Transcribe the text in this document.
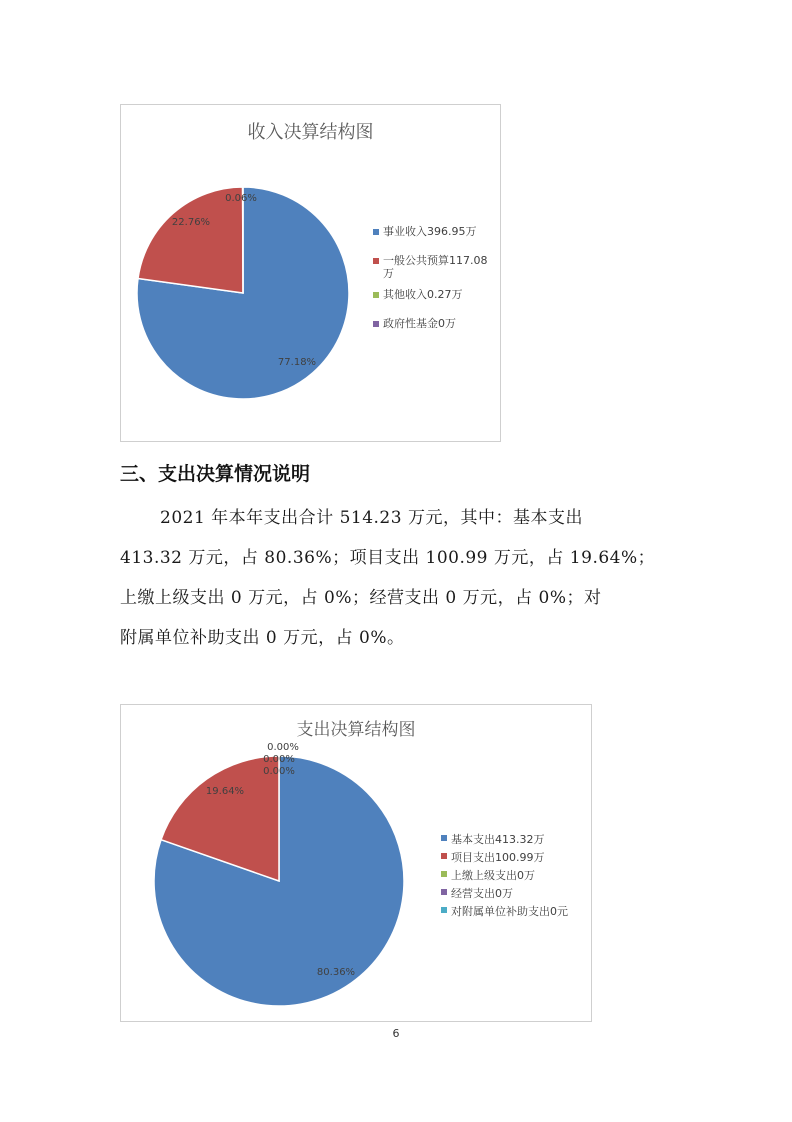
收入决算结构图
77.18%
22.76%
0.06%
事业收入396.95万
一般公共预算117.08万
其他收入0.27万
政府性基金0万
三、支出决算情况说明
2021 年本年支出合计 514.23 万元，其中：基本支出
413.32 万元，占 80.36%；项目支出 100.99 万元，占 19.64%；
上缴上级支出 0 万元，占 0%；经营支出 0 万元，占 0%；对
附属单位补助支出 0 万元，占 0%。
支出决算结构图
80.36%
19.64%
0.00%
0.00%
0.00%
基本支出413.32万
项目支出100.99万
上缴上级支出0万
经营支出0万
对附属单位补助支出0元
6
